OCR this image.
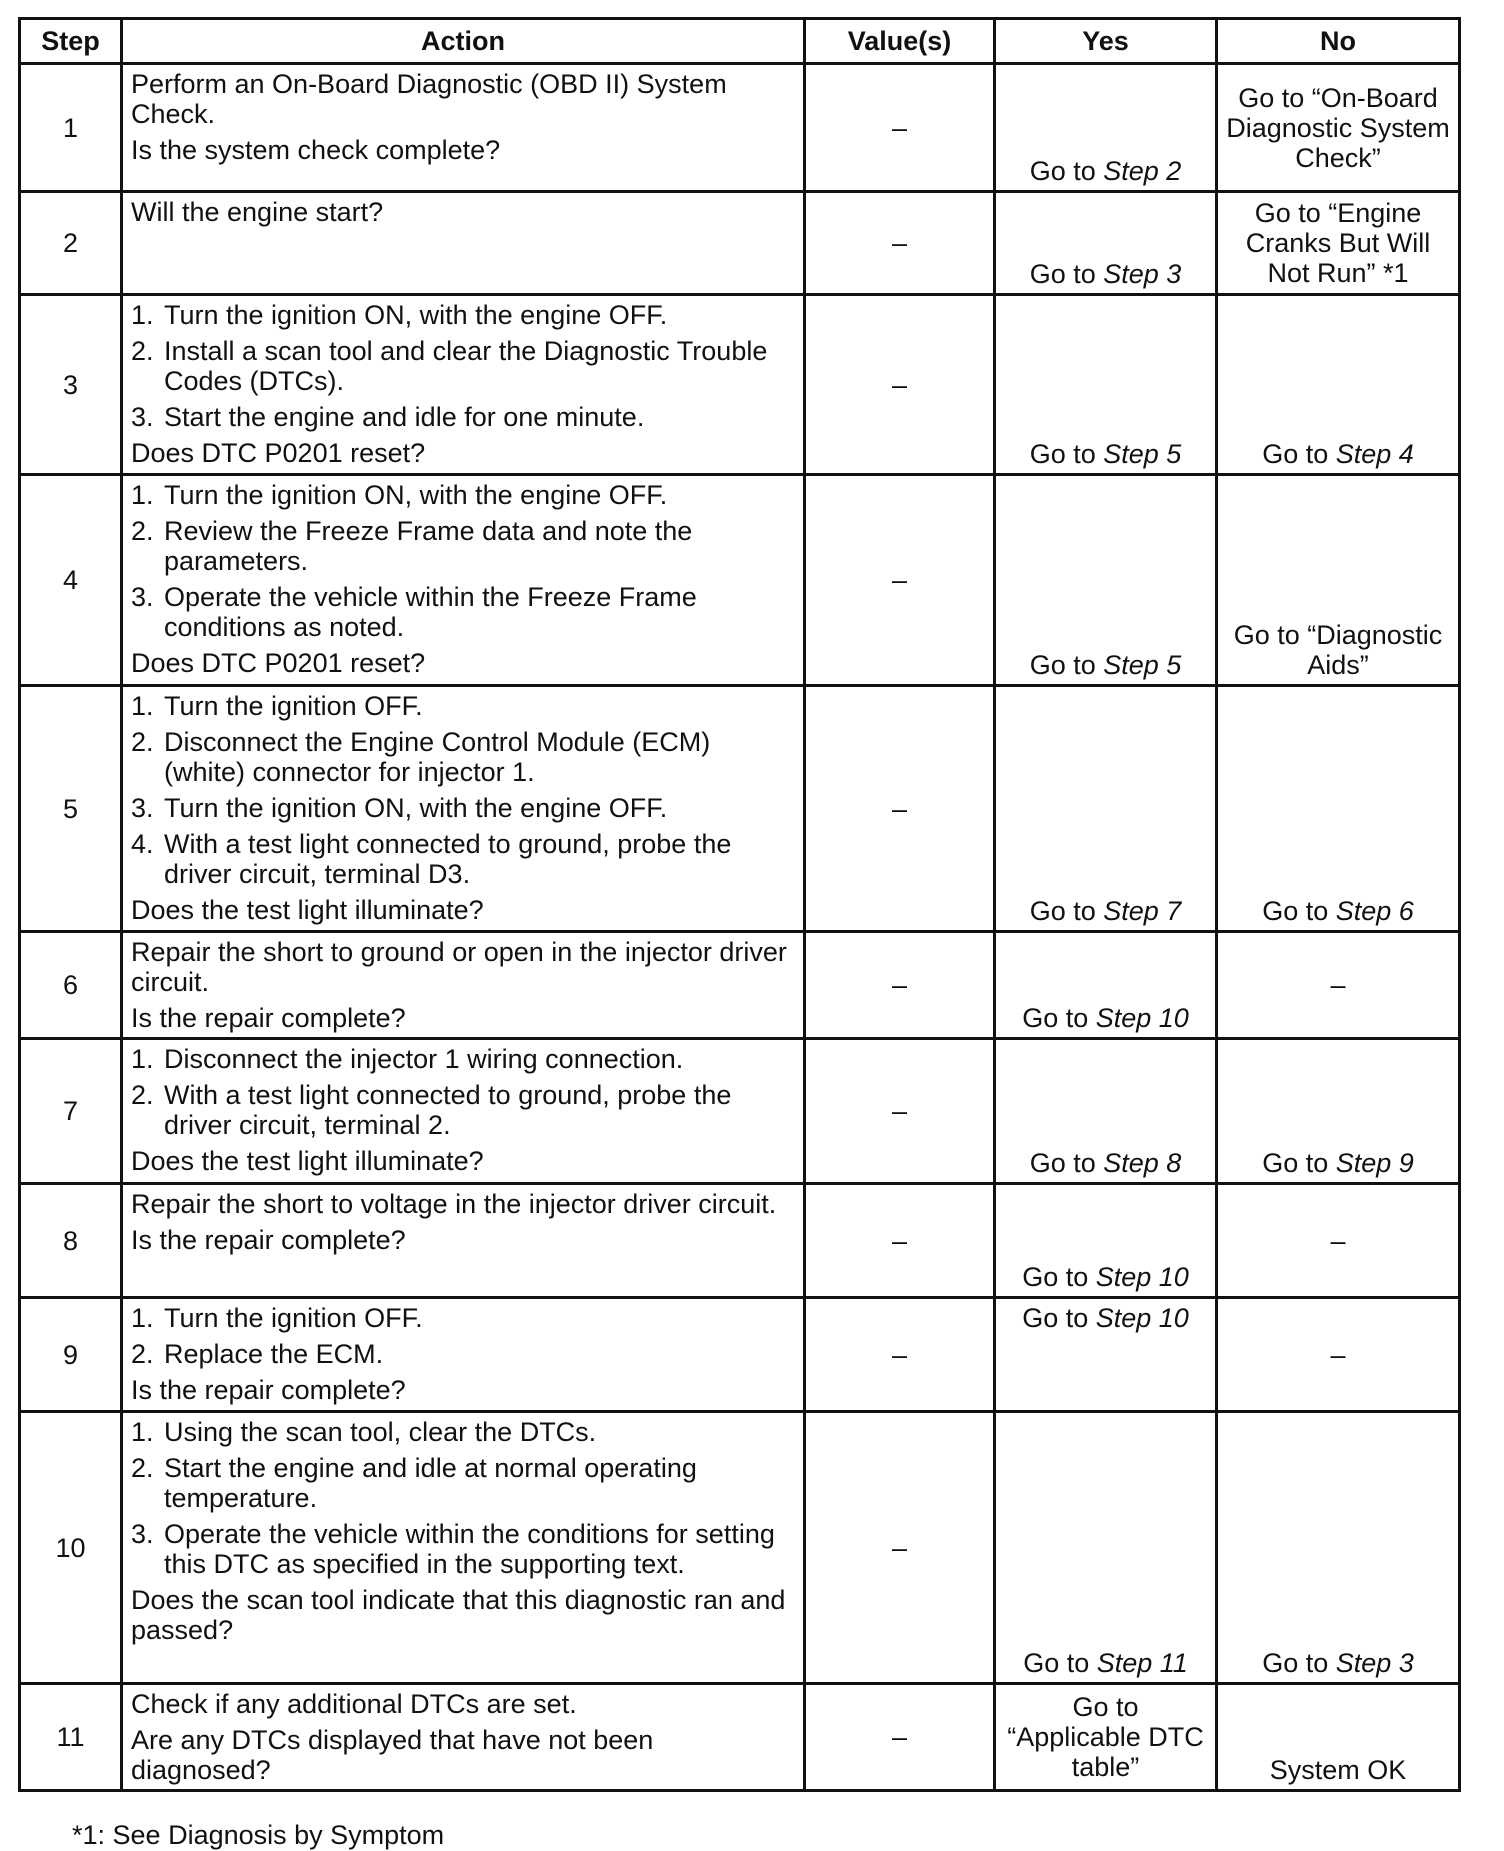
Step	Action	Value(s)	Yes	No
1	Perform an On-Board Diagnostic (OBD II) System Check.
Is the system check complete?	–	Go to Step 2	Go to “On-Board Diagnostic System Check”
2	Will the engine start?	–	Go to Step 3	Go to “Engine Cranks But Will Not Run” *1
3	1. Turn the ignition ON, with the engine OFF.
2. Install a scan tool and clear the Diagnostic Trouble Codes (DTCs).
3. Start the engine and idle for one minute.
Does DTC P0201 reset?	–	Go to Step 5	Go to Step 4
4	1. Turn the ignition ON, with the engine OFF.
2. Review the Freeze Frame data and note the parameters.
3. Operate the vehicle within the Freeze Frame conditions as noted.
Does DTC P0201 reset?	–	Go to Step 5	Go to “Diagnostic Aids”
5	1. Turn the ignition OFF.
2. Disconnect the Engine Control Module (ECM) (white) connector for injector 1.
3. Turn the ignition ON, with the engine OFF.
4. With a test light connected to ground, probe the driver circuit, terminal D3.
Does the test light illuminate?	–	Go to Step 7	Go to Step 6
6	Repair the short to ground or open in the injector driver circuit.
Is the repair complete?	–	Go to Step 10	–
7	1. Disconnect the injector 1 wiring connection.
2. With a test light connected to ground, probe the driver circuit, terminal 2.
Does the test light illuminate?	–	Go to Step 8	Go to Step 9
8	Repair the short to voltage in the injector driver circuit.
Is the repair complete?	–	Go to Step 10	–
9	1. Turn the ignition OFF.
2. Replace the ECM.
Is the repair complete?	–	Go to Step 10	–
10	1. Using the scan tool, clear the DTCs.
2. Start the engine and idle at normal operating temperature.
3. Operate the vehicle within the conditions for setting this DTC as specified in the supporting text.
Does the scan tool indicate that this diagnostic ran and passed?	–	Go to Step 11	Go to Step 3
11	Check if any additional DTCs are set.
Are any DTCs displayed that have not been diagnosed?	–	Go to “Applicable DTC table”	System OK
*1: See Diagnosis by Symptom
